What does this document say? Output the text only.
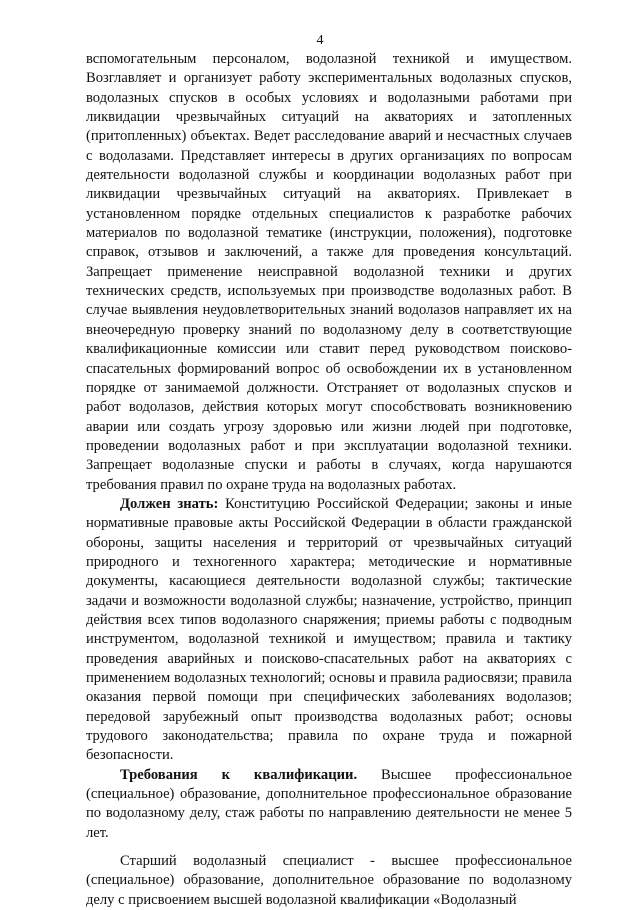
4

вспомогательным персоналом, водолазной техникой и имуществом. Возглавляет и организует работу экспериментальных водолазных спусков, водолазных спусков в особых условиях и водолазными работами при ликвидации чрезвычайных ситуаций на акваториях и затопленных (притопленных) объектах. Ведет расследование аварий и несчастных случаев с водолазами. Представляет интересы в других организациях по вопросам деятельности водолазной службы и координации водолазных работ при ликвидации чрезвычайных ситуаций на акваториях. Привлекает в установленном порядке отдельных специалистов к разработке рабочих материалов по водолазной тематике (инструкции, положения), подготовке справок, отзывов и заключений, а также для проведения консультаций. Запрещает применение неисправной водолазной техники и других технических средств, используемых при производстве водолазных работ. В случае выявления неудовлетворительных знаний водолазов направляет их на внеочередную проверку знаний по водолазному делу в соответствующие квалификационные комиссии или ставит перед руководством поисково-спасательных формирований вопрос об освобождении их в установленном порядке от занимаемой должности. Отстраняет от водолазных спусков и работ водолазов, действия которых могут способствовать возникновению аварии или создать угрозу здоровью или жизни людей при подготовке, проведении водолазных работ и при эксплуатации водолазной техники. Запрещает водолазные спуски и работы в случаях, когда нарушаются требования правил по охране труда на водолазных работах.

Должен знать: Конституцию Российской Федерации; законы и иные нормативные правовые акты Российской Федерации в области гражданской обороны, защиты населения и территорий от чрезвычайных ситуаций природного и техногенного характера; методические и нормативные документы, касающиеся деятельности водолазной службы; тактические задачи и возможности водолазной службы; назначение, устройство, принцип действия всех типов водолазного снаряжения; приемы работы с подводным инструментом, водолазной техникой и имуществом; правила и тактику проведения аварийных и поисково-спасательных работ на акваториях с применением водолазных технологий; основы и правила радиосвязи; правила оказания первой помощи при специфических заболеваниях водолазов; передовой зарубежный опыт производства водолазных работ; основы трудового законодательства; правила по охране труда и пожарной безопасности.

Требования к квалификации. Высшее профессиональное (специальное) образование, дополнительное профессиональное образование по водолазному делу, стаж работы по направлению деятельности не менее 5 лет.

Старший водолазный специалист - высшее профессиональное (специальное) образование, дополнительное образование по водолазному делу с присвоением высшей водолазной квалификации «Водолазный
